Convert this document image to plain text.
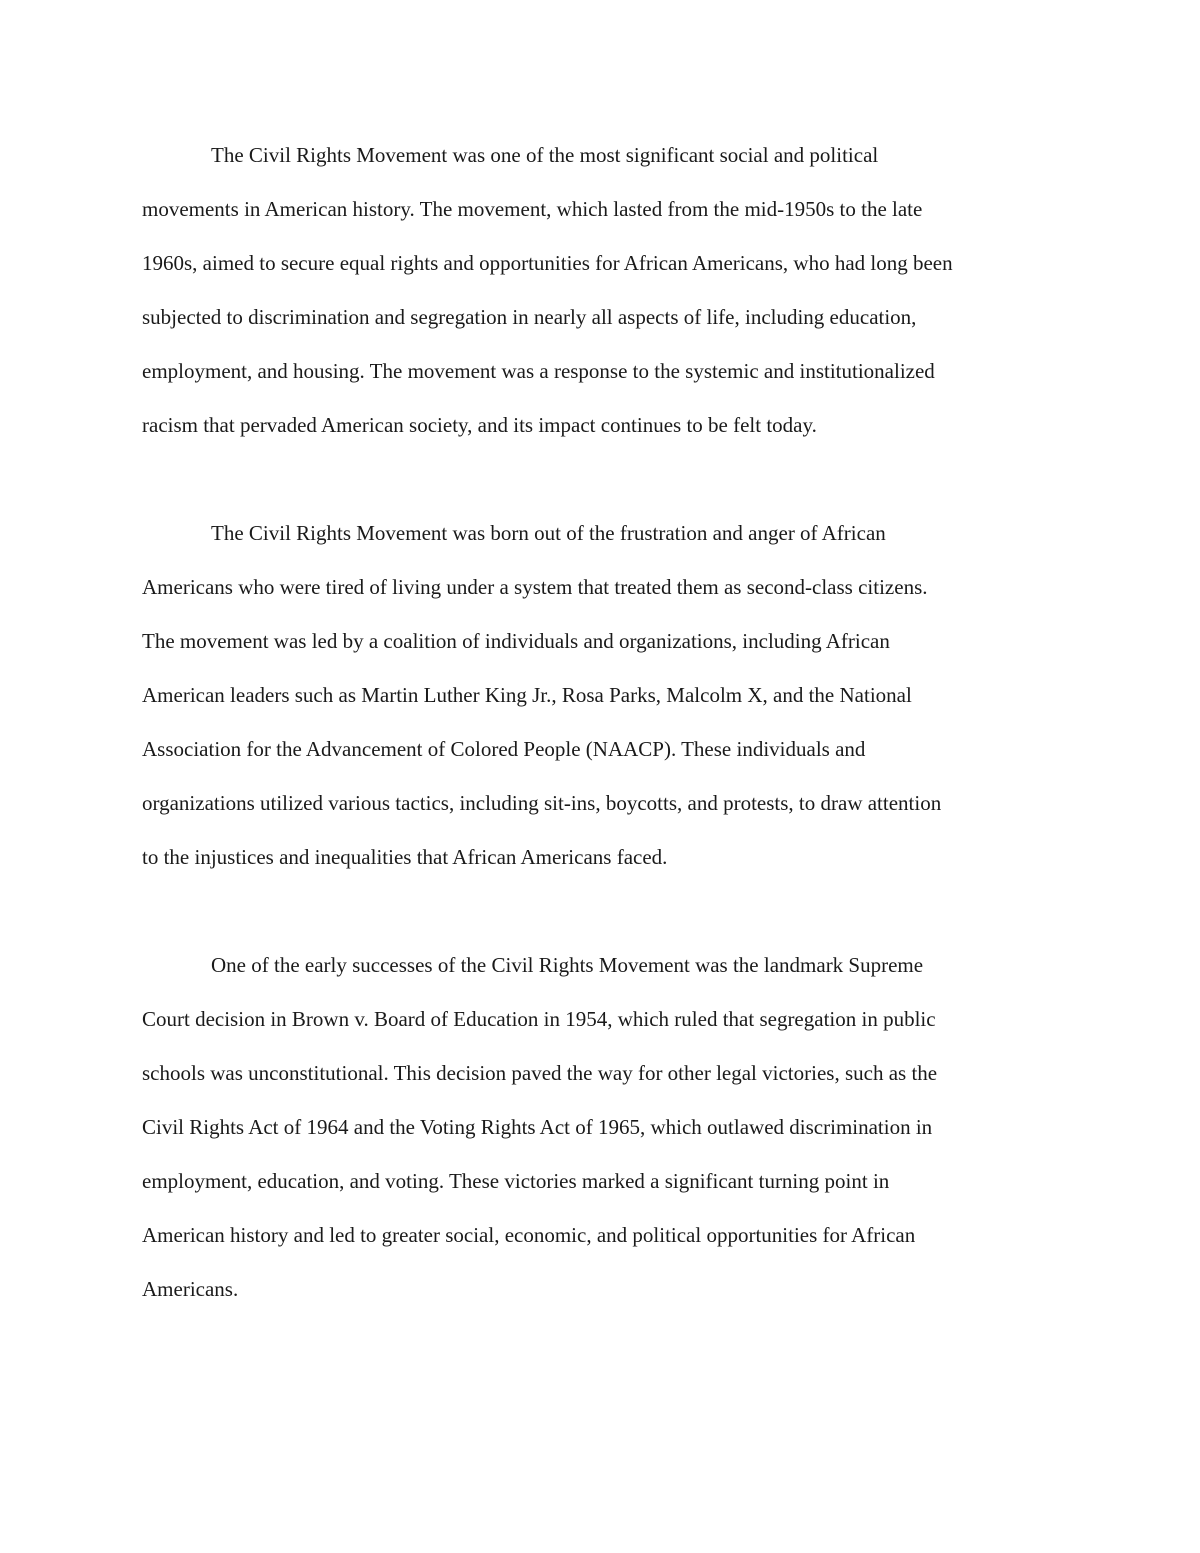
The Civil Rights Movement was one of the most significant social and political
movements in American history. The movement, which lasted from the mid-1950s to the late
1960s, aimed to secure equal rights and opportunities for African Americans, who had long been
subjected to discrimination and segregation in nearly all aspects of life, including education,
employment, and housing. The movement was a response to the systemic and institutionalized
racism that pervaded American society, and its impact continues to be felt today.
The Civil Rights Movement was born out of the frustration and anger of African
Americans who were tired of living under a system that treated them as second-class citizens.
The movement was led by a coalition of individuals and organizations, including African
American leaders such as Martin Luther King Jr., Rosa Parks, Malcolm X, and the National
Association for the Advancement of Colored People (NAACP). These individuals and
organizations utilized various tactics, including sit-ins, boycotts, and protests, to draw attention
to the injustices and inequalities that African Americans faced.
One of the early successes of the Civil Rights Movement was the landmark Supreme
Court decision in Brown v. Board of Education in 1954, which ruled that segregation in public
schools was unconstitutional. This decision paved the way for other legal victories, such as the
Civil Rights Act of 1964 and the Voting Rights Act of 1965, which outlawed discrimination in
employment, education, and voting. These victories marked a significant turning point in
American history and led to greater social, economic, and political opportunities for African
Americans.
